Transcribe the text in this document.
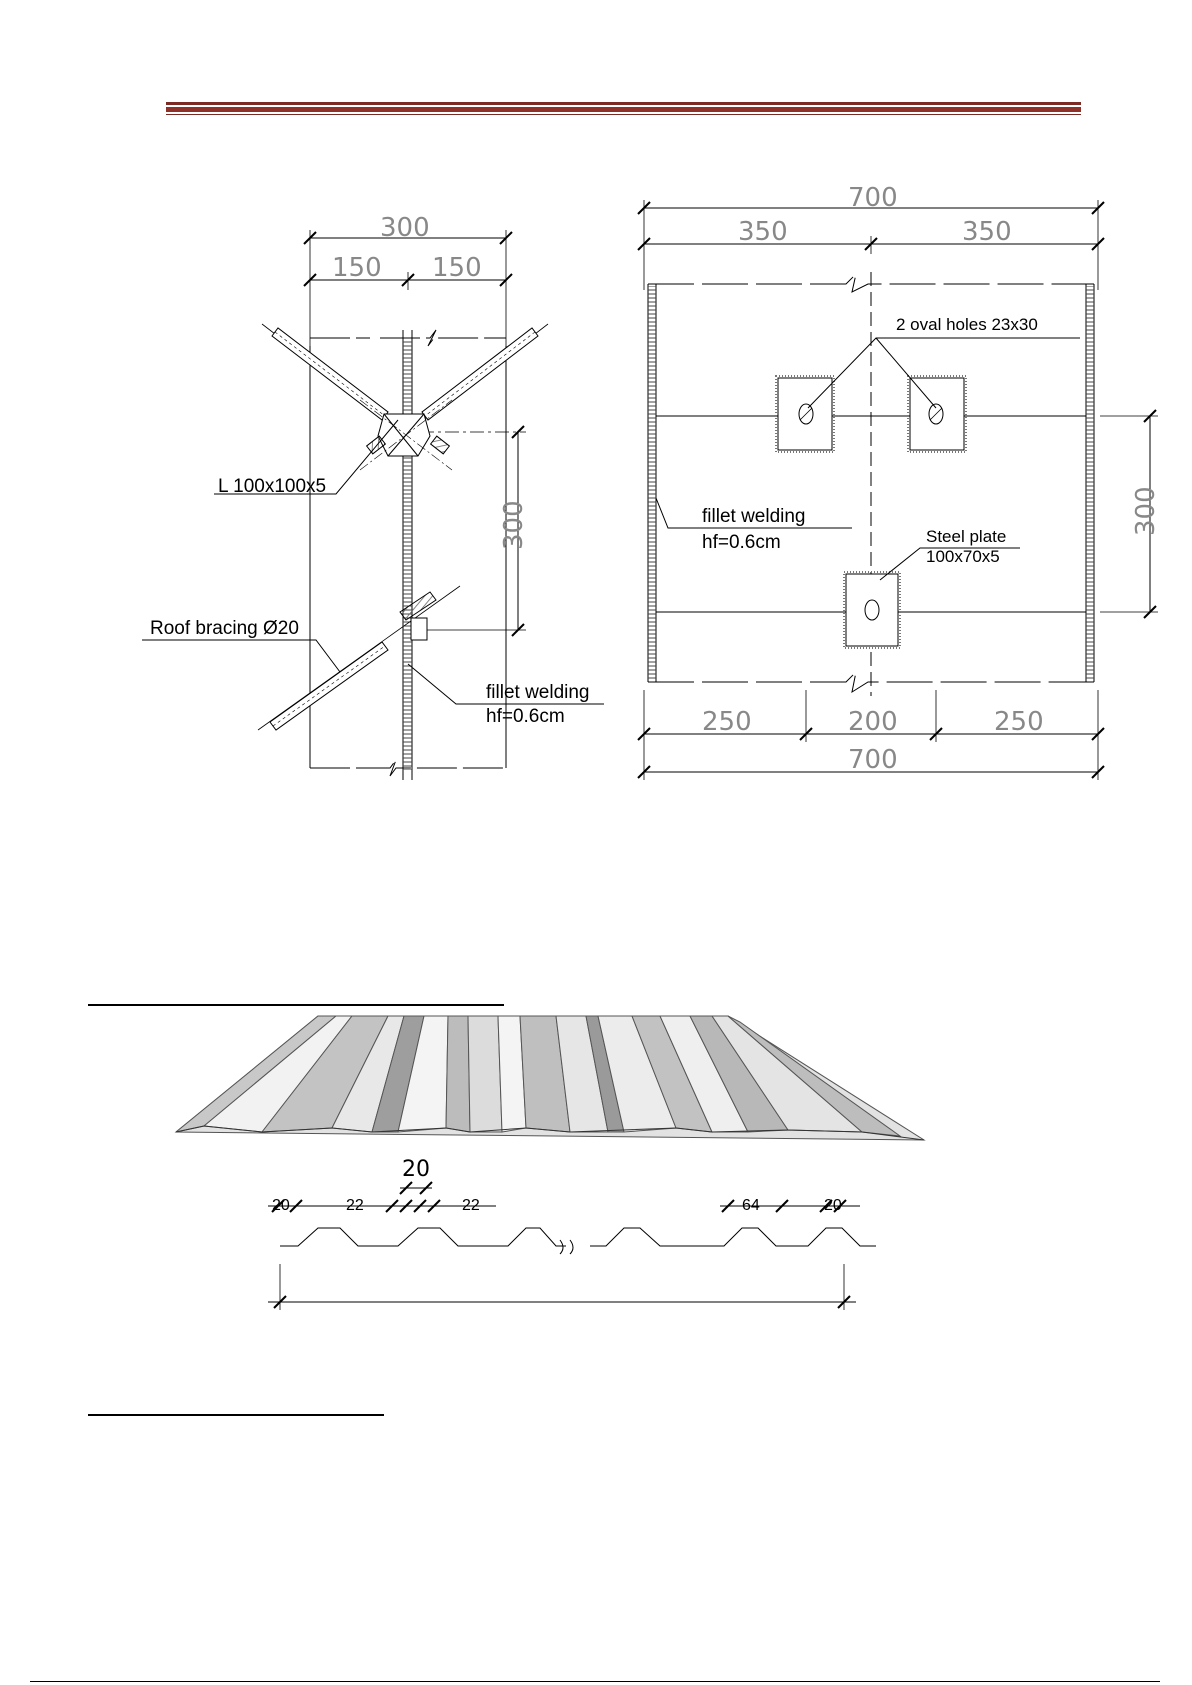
300
150 150
300
L 100x100x5
Roof bracing Ø20
fillet welding
hf=0.6cm
700
350	350
300
250	200	250
700
2 oval holes 23x30
fillet welding
hf=0.6cm	Steel plate
100x70x5
20
20	22	22	64	20
